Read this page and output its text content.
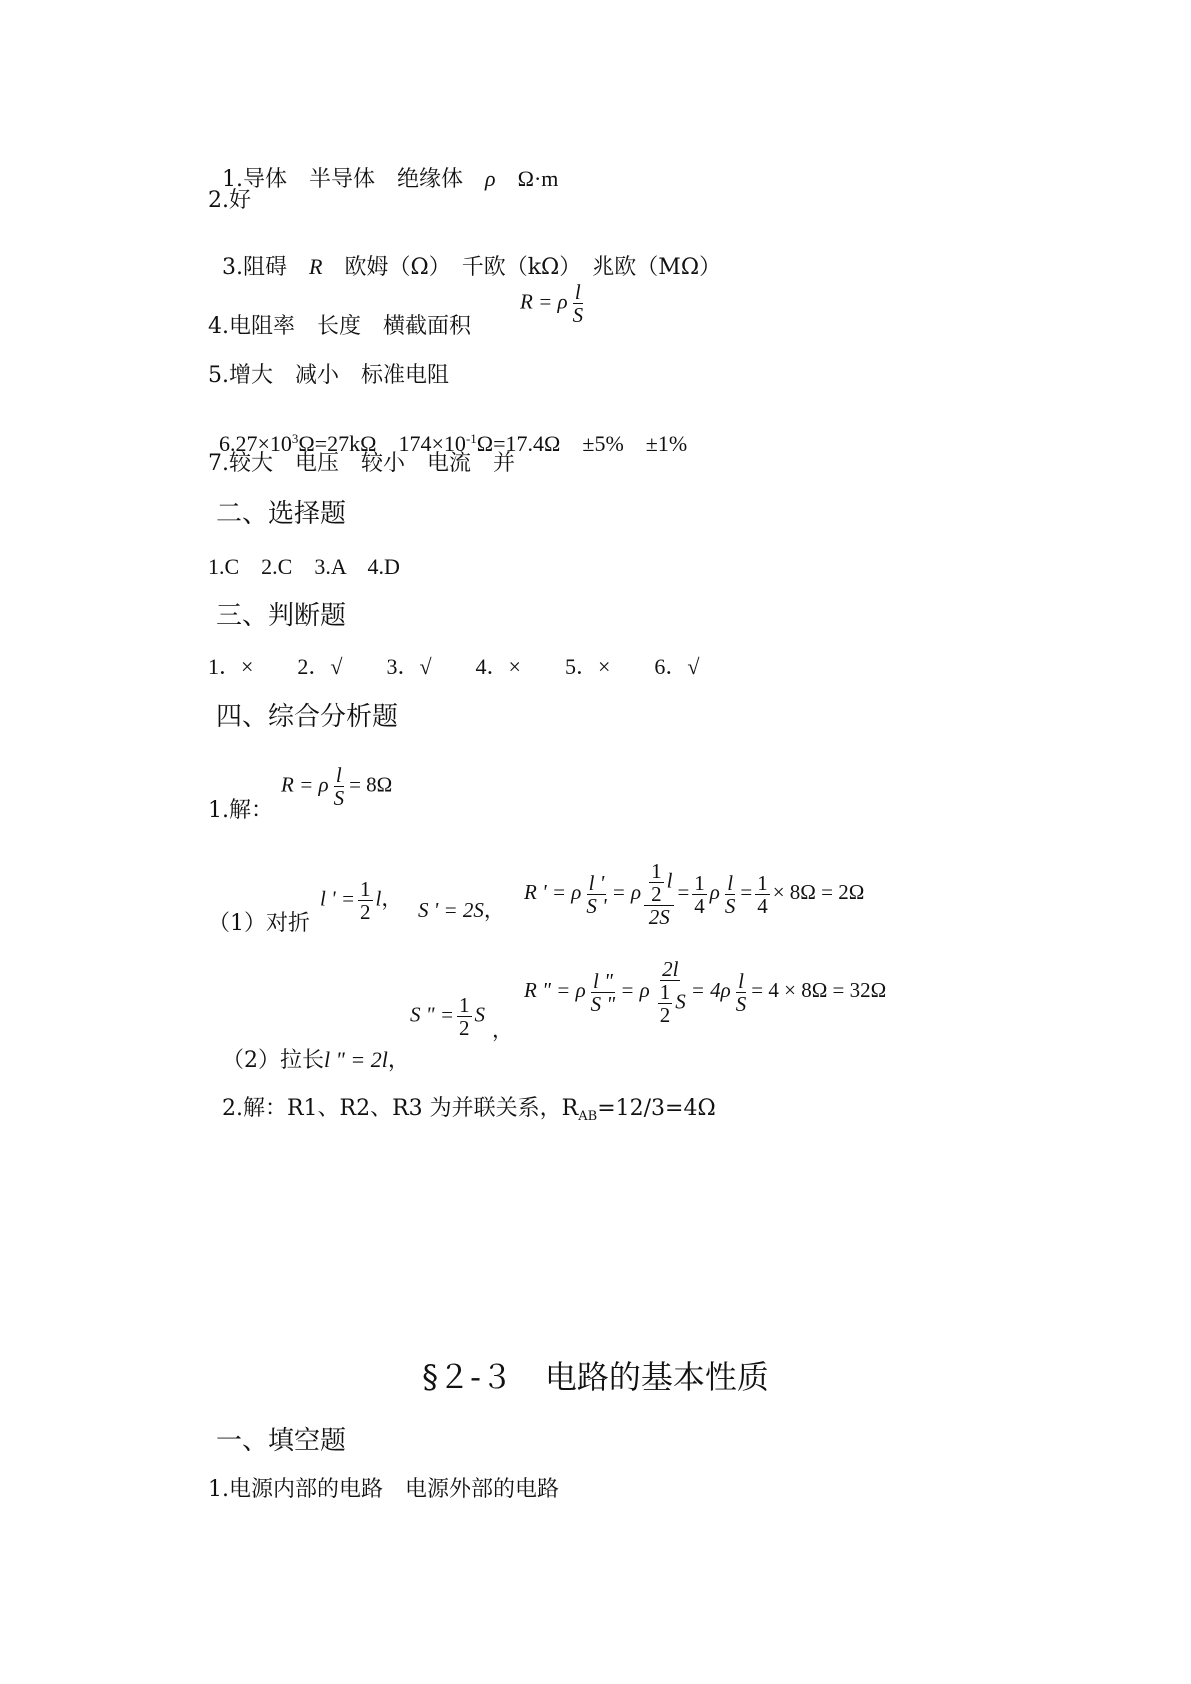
1.导体　半导体　绝缘体　 ρ　 Ω·m

2.好

3.阻碍　 R　 欧姆（Ω）　千欧（kΩ）　兆欧（MΩ）

4.电阻率　长度　横截面积
R = ρ $\frac{l}{S}$
5.增大　减小　标准电阻

$6.27\times 10^3\Omega=27k\Omega$　$174\times 10^{-1}\Omega=17.4\Omega$　±5%　±1%

7.较大　电压　较小　电流　并
二、选择题
1.C　2.C　3.A　4.D
三、判断题
1．×　　2．√　　3．√　　4．×　　5．×　　6．√
四、综合分析题
1.解：
R = ρ $\frac{l}{S} = 8\Omega$
（1）对折
l ' = $\frac{1}{2}$ l， S ' = 2S，
R ' = ρ $\frac{l '}{S '} = \rho \frac{\frac{1}{2} l}{2S} = \frac{1}{4}$ ρ $\frac{l}{S} = \frac{1}{4} \times 8\Omega = 2\Omega$

（2）拉长l " = 2l，

S " = $\frac{1}{2}$ S
，
R " = ρ $\frac{l "}{S "} = \rho \frac{2l}{\frac{1}{2} S} = 4\rho \frac{l}{S} = 4 \times 8\Omega = 32\Omega$

2.解：R1、R2、R3 为并联关系，$R_{AB}=12/3=4\Omega$

§２-３　电路的基本性质
一、填空题
1.电源内部的电路　电源外部的电路
